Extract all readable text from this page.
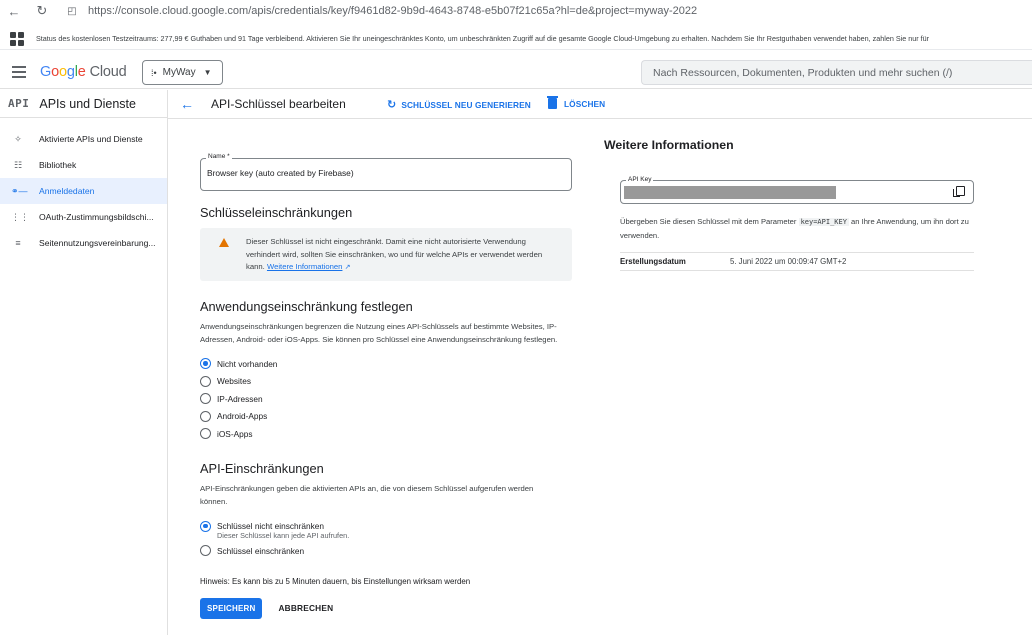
← ↻	◰ https://console.cloud.google.com/apis/credentials/key/f9461d82-9b9d-4643-8748-e5b07f21c65a?hl=de&project=myway-2022
Status des kostenlosen Testzeitraums: 277,99 € Guthaben und 91 Tage verbleibend. Aktivieren Sie Ihr uneingeschränktes Konto, um unbeschränkten Zugriff auf die gesamte Google Cloud-Umgebung zu erhalten. Nachdem Sie Ihr Restguthaben verwendet haben, zahlen Sie nur für
Google Cloud	⁞• MyWay ▼
Nach Ressourcen, Dokumenten, Produkten und mehr suchen (/)
API APIs und Dienste
✧	Aktivierte APIs und Dienste
☷	Bibliothek
⚭— Anmeldedaten
⋮⋮ OAuth-Zustimmungsbildschi...
≡	Seitennutzungsvereinbarung...
← API-Schlüssel bearbeiten	↻ SCHLÜSSEL NEU GENERIEREN	LÖSCHEN
Name *
Browser key (auto created by Firebase)
Schlüsseleinschränkungen
Dieser Schlüssel ist nicht eingeschränkt. Damit eine nicht autorisierte Verwendung verhindert wird, sollten Sie einschränken, wo und für welche APIs er verwendet werden kann. Weitere Informationen ↗
Anwendungseinschränkung festlegen

Anwendungseinschränkungen begrenzen die Nutzung eines API-Schlüssels auf bestimmte Websites, IP-Adressen, Android- oder iOS-Apps. Sie können pro Schlüssel eine Anwendungseinschränkung festlegen.

Nicht vorhanden
Websites
IP-Adressen
Android-Apps
iOS-Apps
API-Einschränkungen

API-Einschränkungen geben die aktivierten APIs an, die von diesem Schlüssel aufgerufen werden können.

Schlüssel nicht einschränken
Dieser Schlüssel kann jede API aufrufen.
Schlüssel einschränken

Hinweis: Es kann bis zu 5 Minuten dauern, bis Einstellungen wirksam werden

SPEICHERN	ABBRECHEN
Weitere Informationen
API Key
Übergeben Sie diesen Schlüssel mit dem Parameter key=API_KEY an Ihre Anwendung, um ihn dort zu verwenden.
Erstellungsdatum	5. Juni 2022 um 00:09:47 GMT+2
